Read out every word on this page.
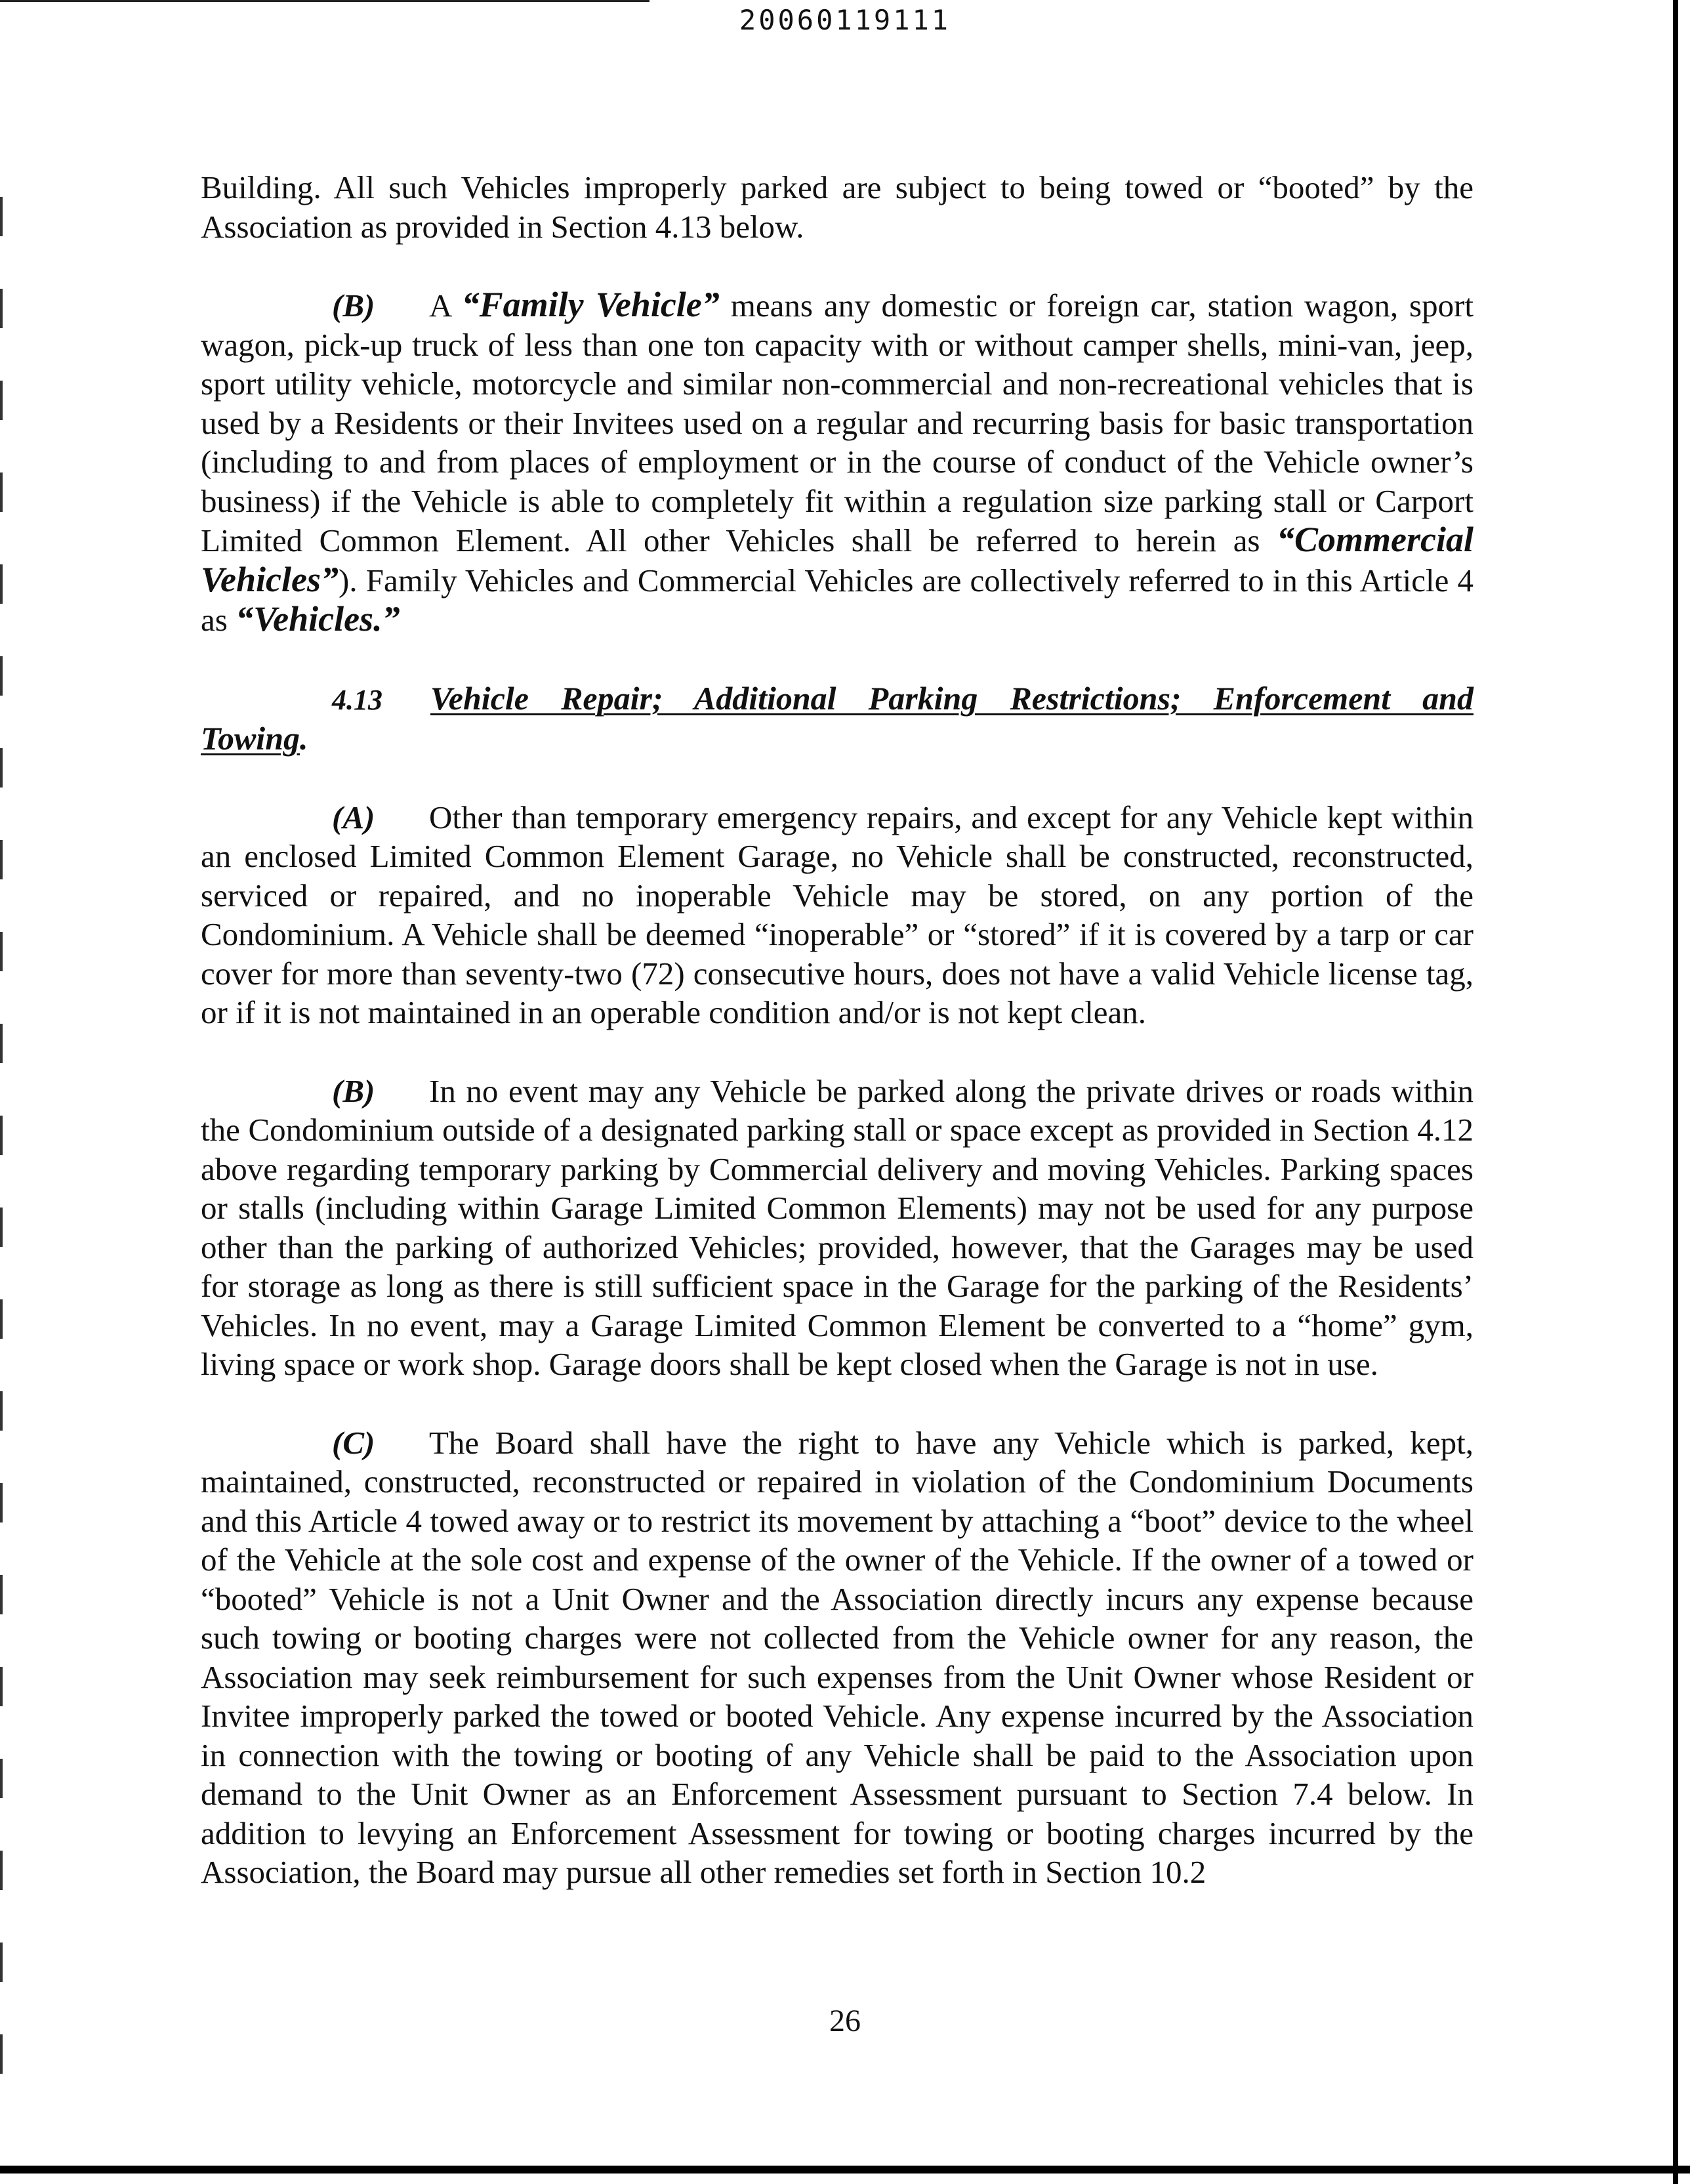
20060119111

Building. All such Vehicles improperly parked are subject to being towed or “booted” by the Association as provided in Section 4.13 below.

(B) A “Family Vehicle” means any domestic or foreign car, station wagon, sport wagon, pick-up truck of less than one ton capacity with or without camper shells, mini-van, jeep, sport utility vehicle, motorcycle and similar non-commercial and non-recreational vehicles that is used by a Residents or their Invitees used on a regular and recurring basis for basic transportation (including to and from places of employment or in the course of conduct of the Vehicle owner’s business) if the Vehicle is able to completely fit within a regulation size parking stall or Carport Limited Common Element. All other Vehicles shall be referred to herein as “Commercial Vehicles”). Family Vehicles and Commercial Vehicles are collectively referred to in this Article 4 as “Vehicles.”

4.13	Vehicle Repair; Additional Parking Restrictions; Enforcement and
Towing.

(A) Other than temporary emergency repairs, and except for any Vehicle kept within an enclosed Limited Common Element Garage, no Vehicle shall be constructed, reconstructed, serviced or repaired, and no inoperable Vehicle may be stored, on any portion of the Condominium. A Vehicle shall be deemed “inoperable” or “stored” if it is covered by a tarp or car cover for more than seventy-two (72) consecutive hours, does not have a valid Vehicle license tag, or if it is not maintained in an operable condition and/or is not kept clean.

(B) In no event may any Vehicle be parked along the private drives or roads within the Condominium outside of a designated parking stall or space except as provided in Section 4.12 above regarding temporary parking by Commercial delivery and moving Vehicles. Parking spaces or stalls (including within Garage Limited Common Elements) may not be used for any purpose other than the parking of authorized Vehicles; provided, however, that the Garages may be used for storage as long as there is still sufficient space in the Garage for the parking of the Residents’ Vehicles. In no event, may a Garage Limited Common Element be converted to a “home” gym, living space or work shop. Garage doors shall be kept closed when the Garage is not in use.

(C) The Board shall have the right to have any Vehicle which is parked, kept, maintained, constructed, reconstructed or repaired in violation of the Condominium Documents and this Article 4 towed away or to restrict its movement by attaching a “boot” device to the wheel of the Vehicle at the sole cost and expense of the owner of the Vehicle. If the owner of a towed or “booted” Vehicle is not a Unit Owner and the Association directly incurs any expense because such towing or booting charges were not collected from the Vehicle owner for any reason, the Association may seek reimbursement for such expenses from the Unit Owner whose Resident or Invitee improperly parked the towed or booted Vehicle. Any expense incurred by the Association in connection with the towing or booting of any Vehicle shall be paid to the Association upon demand to the Unit Owner as an Enforcement Assessment pursuant to Section 7.4 below. In addition to levying an Enforcement Assessment for towing or booting charges incurred by the Association, the Board may pursue all other remedies set forth in Section 10.2

26
